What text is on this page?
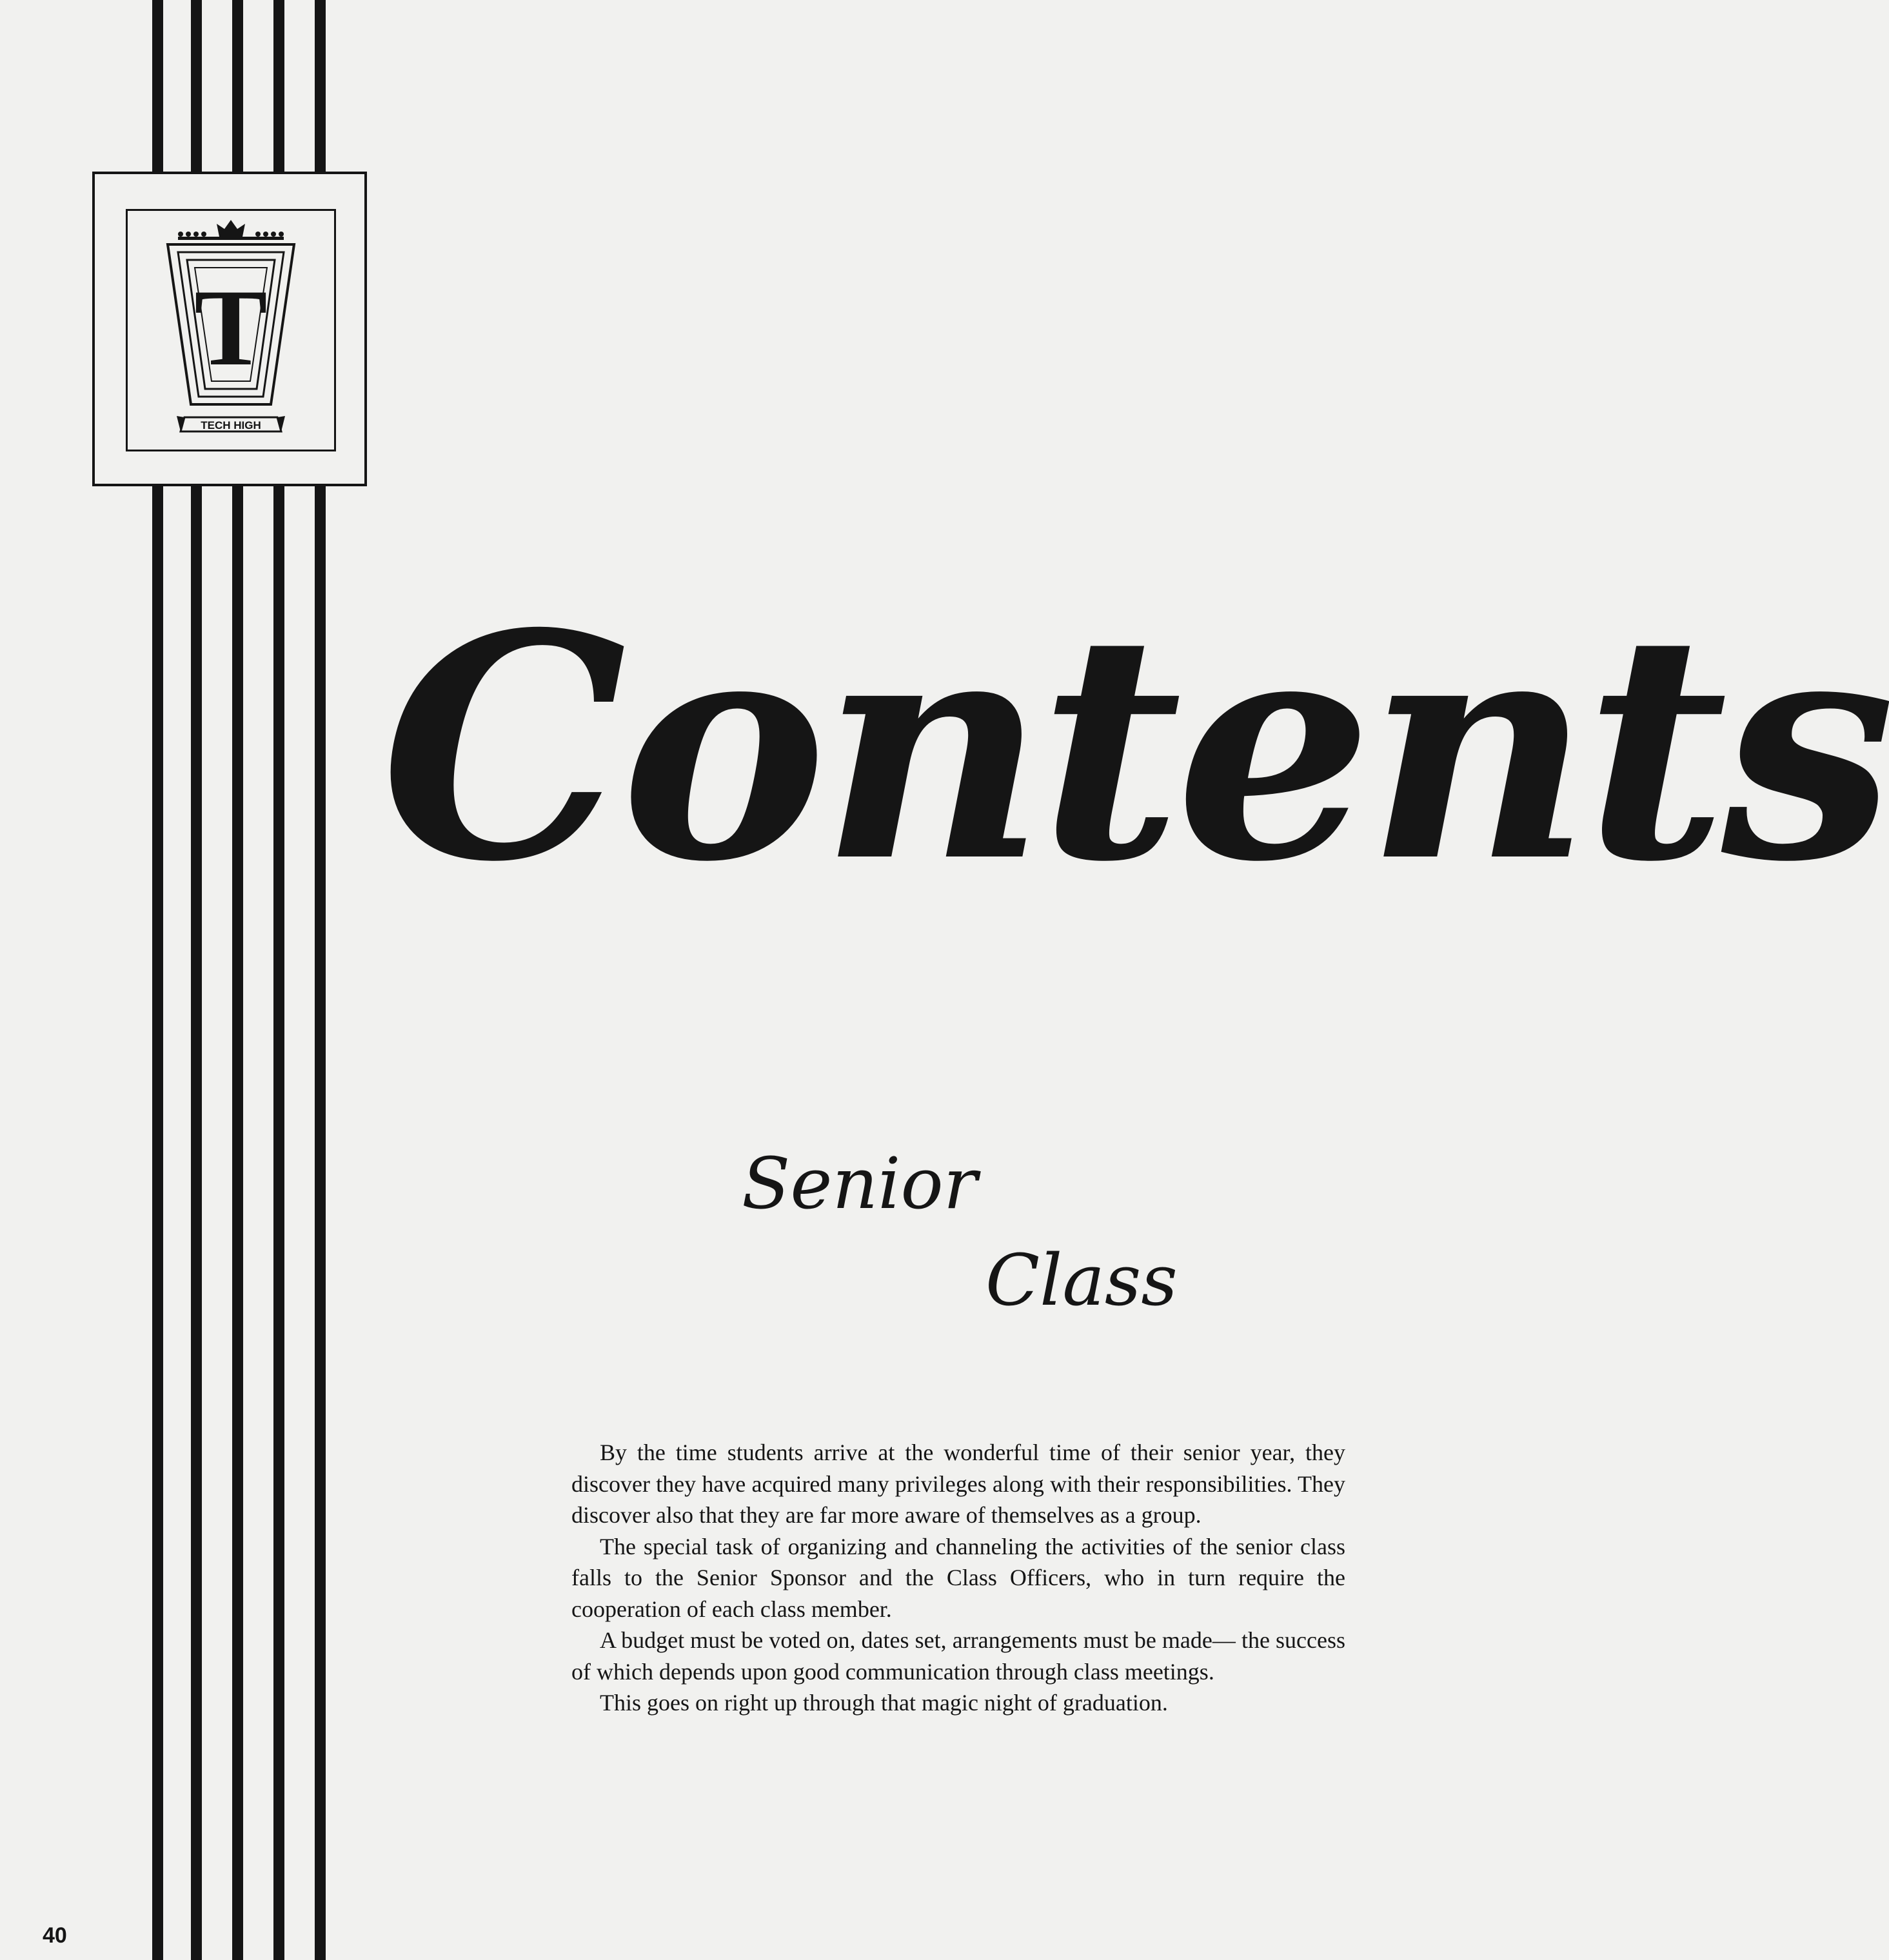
TECH HIGH
T
Contents
Senior
Class

By the time students arrive at the wonderful time of their senior year, they discover they have acquired many privileges along with their responsibilities. They discover also that they are far more aware of themselves as a group.

The special task of organizing and channeling the activities of the senior class falls to the Senior Sponsor and the Class Officers, who in turn require the cooperation of each class member.

A budget must be voted on, dates set, arrangements must be made— the success of which depends upon good communication through class meetings.

This goes on right up through that magic night of graduation.

40
